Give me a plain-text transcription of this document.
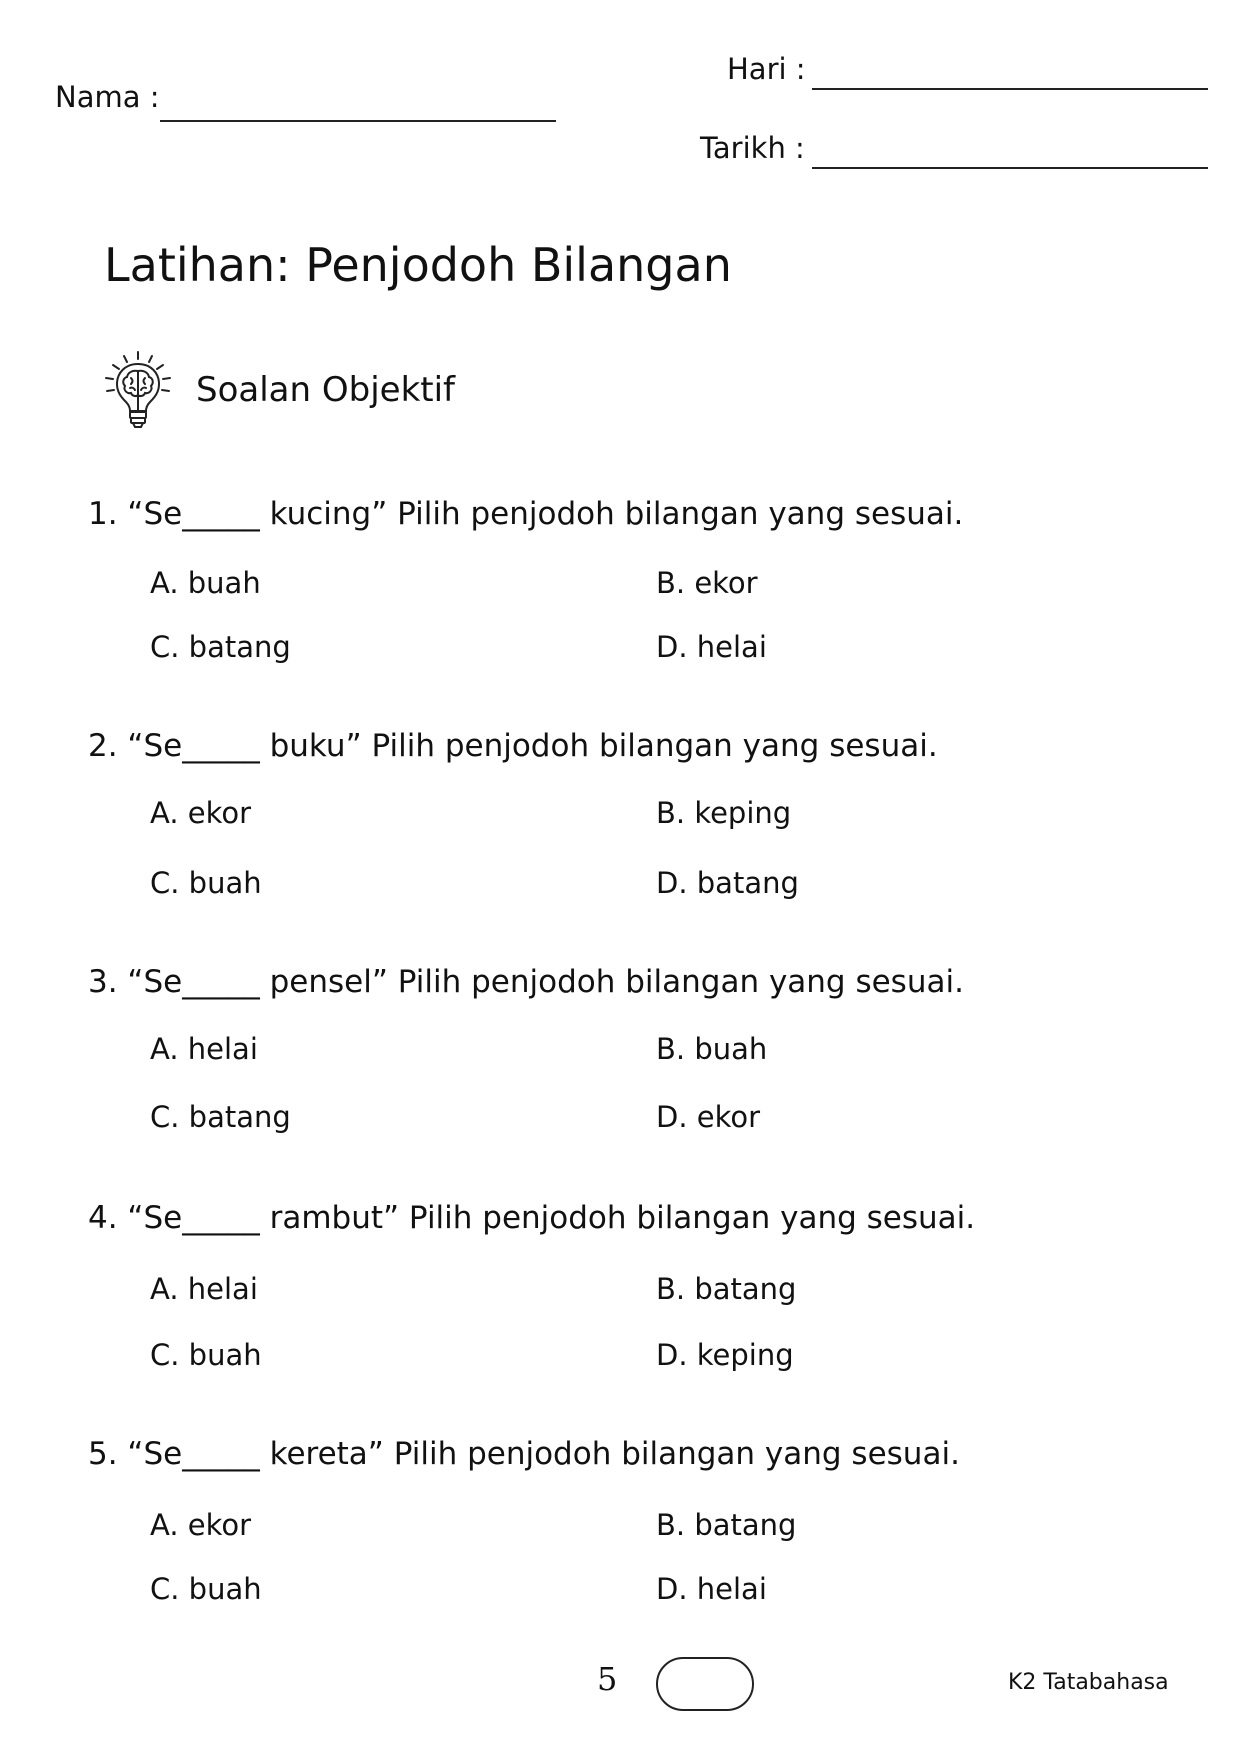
Nama :
Hari :
Tarikh :
Latihan: Penjodoh Bilangan
Soalan Objektif
1. “Se_____ kucing” Pilih penjodoh bilangan yang sesuai.
A. buah	B. ekor
C. batang	D. helai
2. “Se_____ buku” Pilih penjodoh bilangan yang sesuai.
A. ekor	B. keping
C. buah	D. batang
3. “Se_____ pensel” Pilih penjodoh bilangan yang sesuai.
A. helai	B. buah
C. batang	D. ekor
4. “Se_____ rambut” Pilih penjodoh bilangan yang sesuai.
A. helai	B. batang
C. buah	D. keping
5. “Se_____ kereta” Pilih penjodoh bilangan yang sesuai.
A. ekor	B. batang
C. buah	D. helai
5	K2 Tatabahasa
